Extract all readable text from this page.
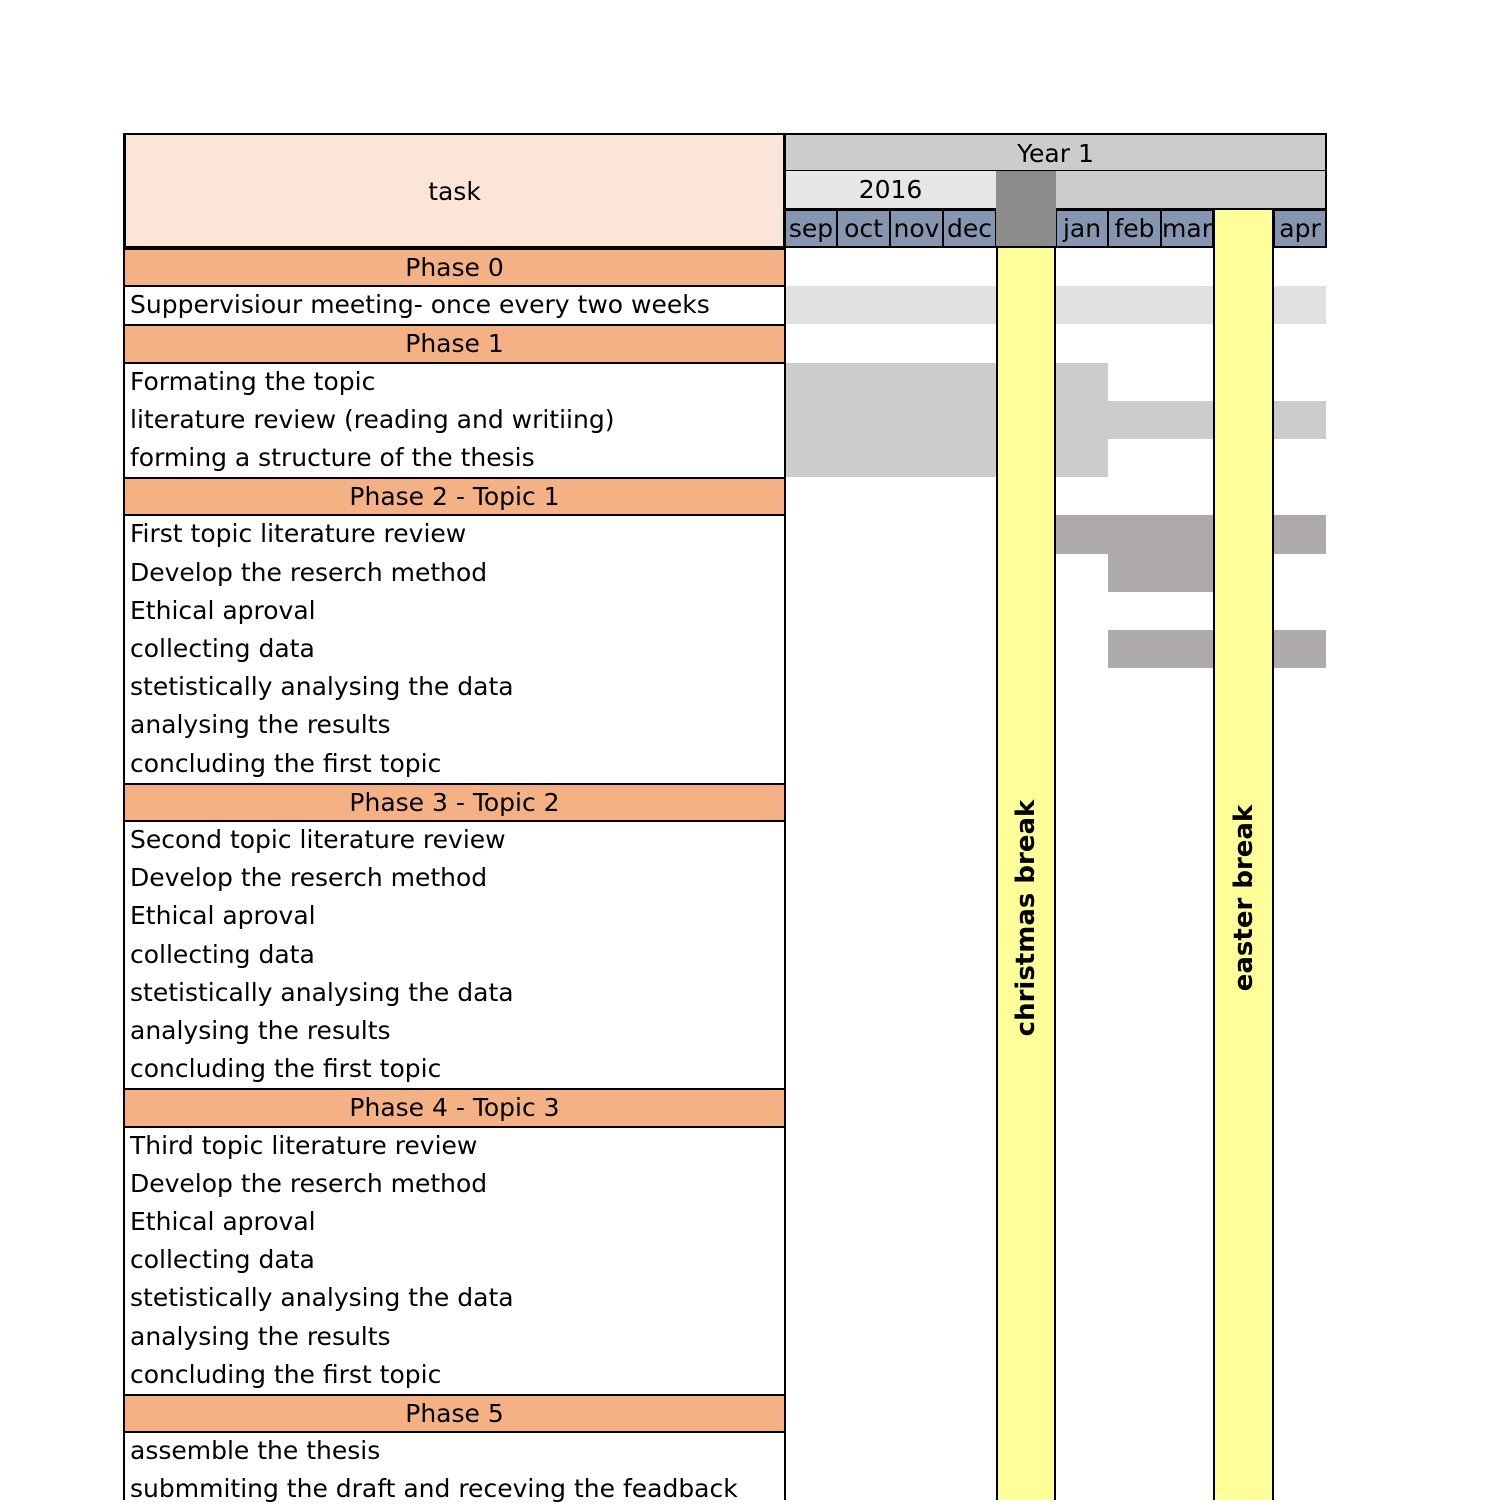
task
Year 1
2016
sep oct nov dec	jan feb mar	apr
christmas break	easter break
Phase 0
Suppervisiour meeting- once every two weeks
Phase 1
Formating the topic
literature review (reading and writiing)
forming a structure of the thesis
Phase 2 - Topic 1
First topic literature review
Develop the reserch method
Ethical aproval
collecting data
stetistically analysing the data
analysing the results
concluding the first topic
Phase 3 - Topic 2
Second topic literature review
Develop the reserch method
Ethical aproval
collecting data
stetistically analysing the data
analysing the results
concluding the first topic
Phase 4 - Topic 3
Third topic literature review
Develop the reserch method
Ethical aproval
collecting data
stetistically analysing the data
analysing the results
concluding the first topic
Phase 5
assemble the thesis
submmiting the draft and receving the feadback
